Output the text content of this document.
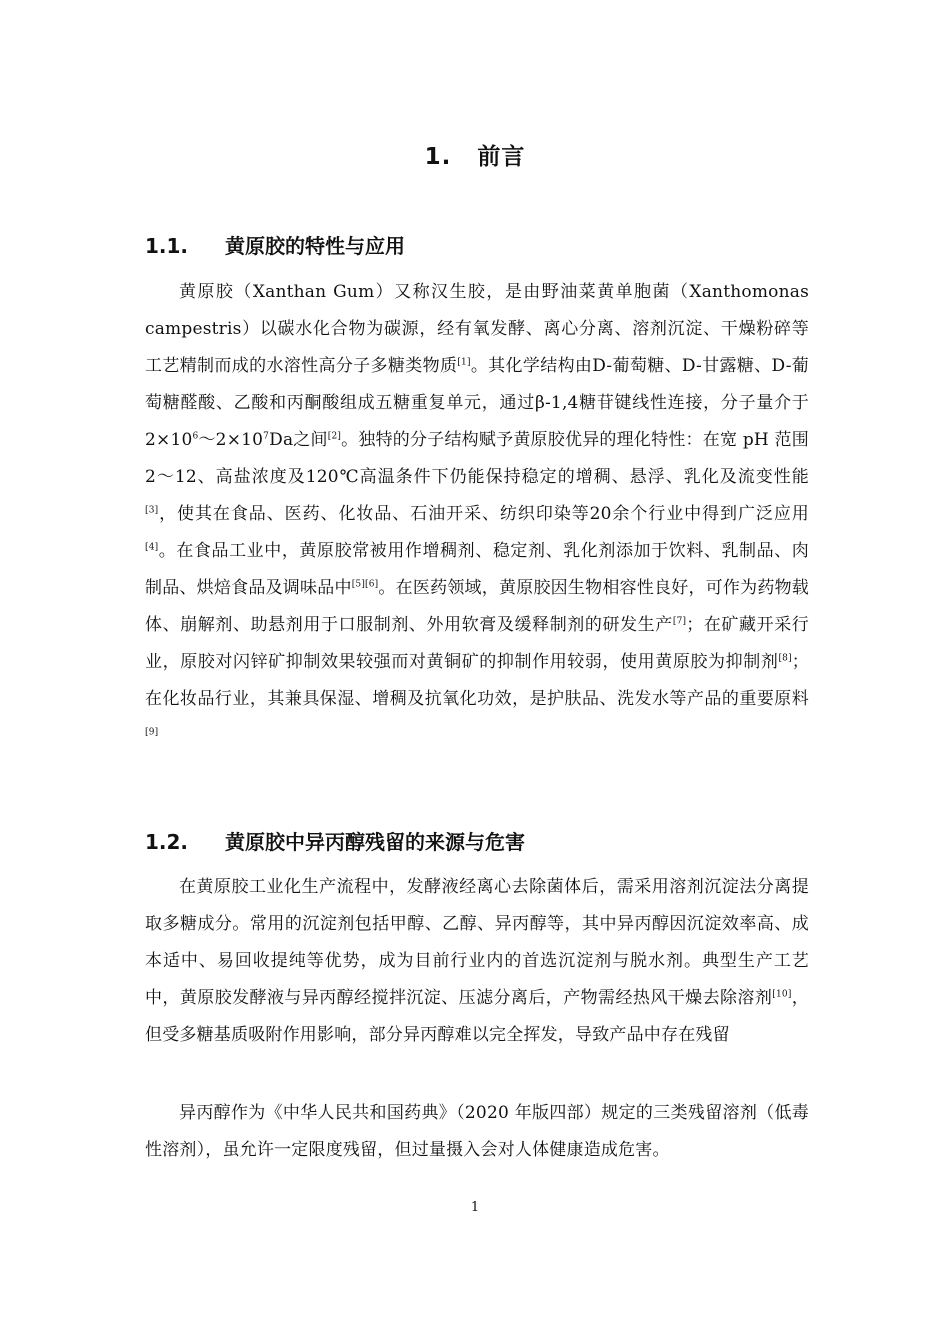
1. 前言
1.1. 黄原胶的特性与应用
黄原胶（Xanthan Gum）又称汉生胶，是由野油菜黄单胞菌（Xanthomonas campestris）以碳水化合物为碳源，经有氧发酵、离心分离、溶剂沉淀、干燥粉碎等工艺精制而成的水溶性高分子多糖类物质[1]。其化学结构由D-葡萄糖、D-甘露糖、D-葡萄糖醛酸、乙酸和丙酮酸组成五糖重复单元，通过β-1,4糖苷键线性连接，分子量介于$2\times 10^6\sim 2\times 10^7Da$之间[2]。独特的分子结构赋予黄原胶优异的理化特性：在宽 pH 范围2～12、高盐浓度及120℃高温条件下仍能保持稳定的增稠、悬浮、乳化及流变性能[3]，使其在食品、医药、化妆品、石油开采、纺织印染等20余个行业中得到广泛应用[4]。在食品工业中，黄原胶常被用作增稠剂、稳定剂、乳化剂添加于饮料、乳制品、肉制品、烘焙食品及调味品中[5][6]。在医药领域，黄原胶因生物相容性良好，可作为药物载体、崩解剂、助悬剂用于口服制剂、外用软膏及缓释制剂的研发生产[7]；在矿藏开采行业，原胶对闪锌矿抑制效果较强而对黄铜矿的抑制作用较弱，使用黄原胶为抑制剂[8]；在化妆品行业，其兼具保湿、增稠及抗氧化功效，是护肤品、洗发水等产品的重要原料[9]
1.2. 黄原胶中异丙醇残留的来源与危害
在黄原胶工业化生产流程中，发酵液经离心去除菌体后，需采用溶剂沉淀法分离提取多糖成分。常用的沉淀剂包括甲醇、乙醇、异丙醇等，其中异丙醇因沉淀效率高、成本适中、易回收提纯等优势，成为目前行业内的首选沉淀剂与脱水剂。典型生产工艺中，黄原胶发酵液与异丙醇经搅拌沉淀、压滤分离后，产物需经热风干燥去除溶剂[10]，但受多糖基质吸附作用影响，部分异丙醇难以完全挥发，导致产品中存在残留
异丙醇作为《中华人民共和国药典》（2020 年版四部）规定的三类残留溶剂（低毒性溶剂），虽允许一定限度残留，但过量摄入会对人体健康造成危害。
1
